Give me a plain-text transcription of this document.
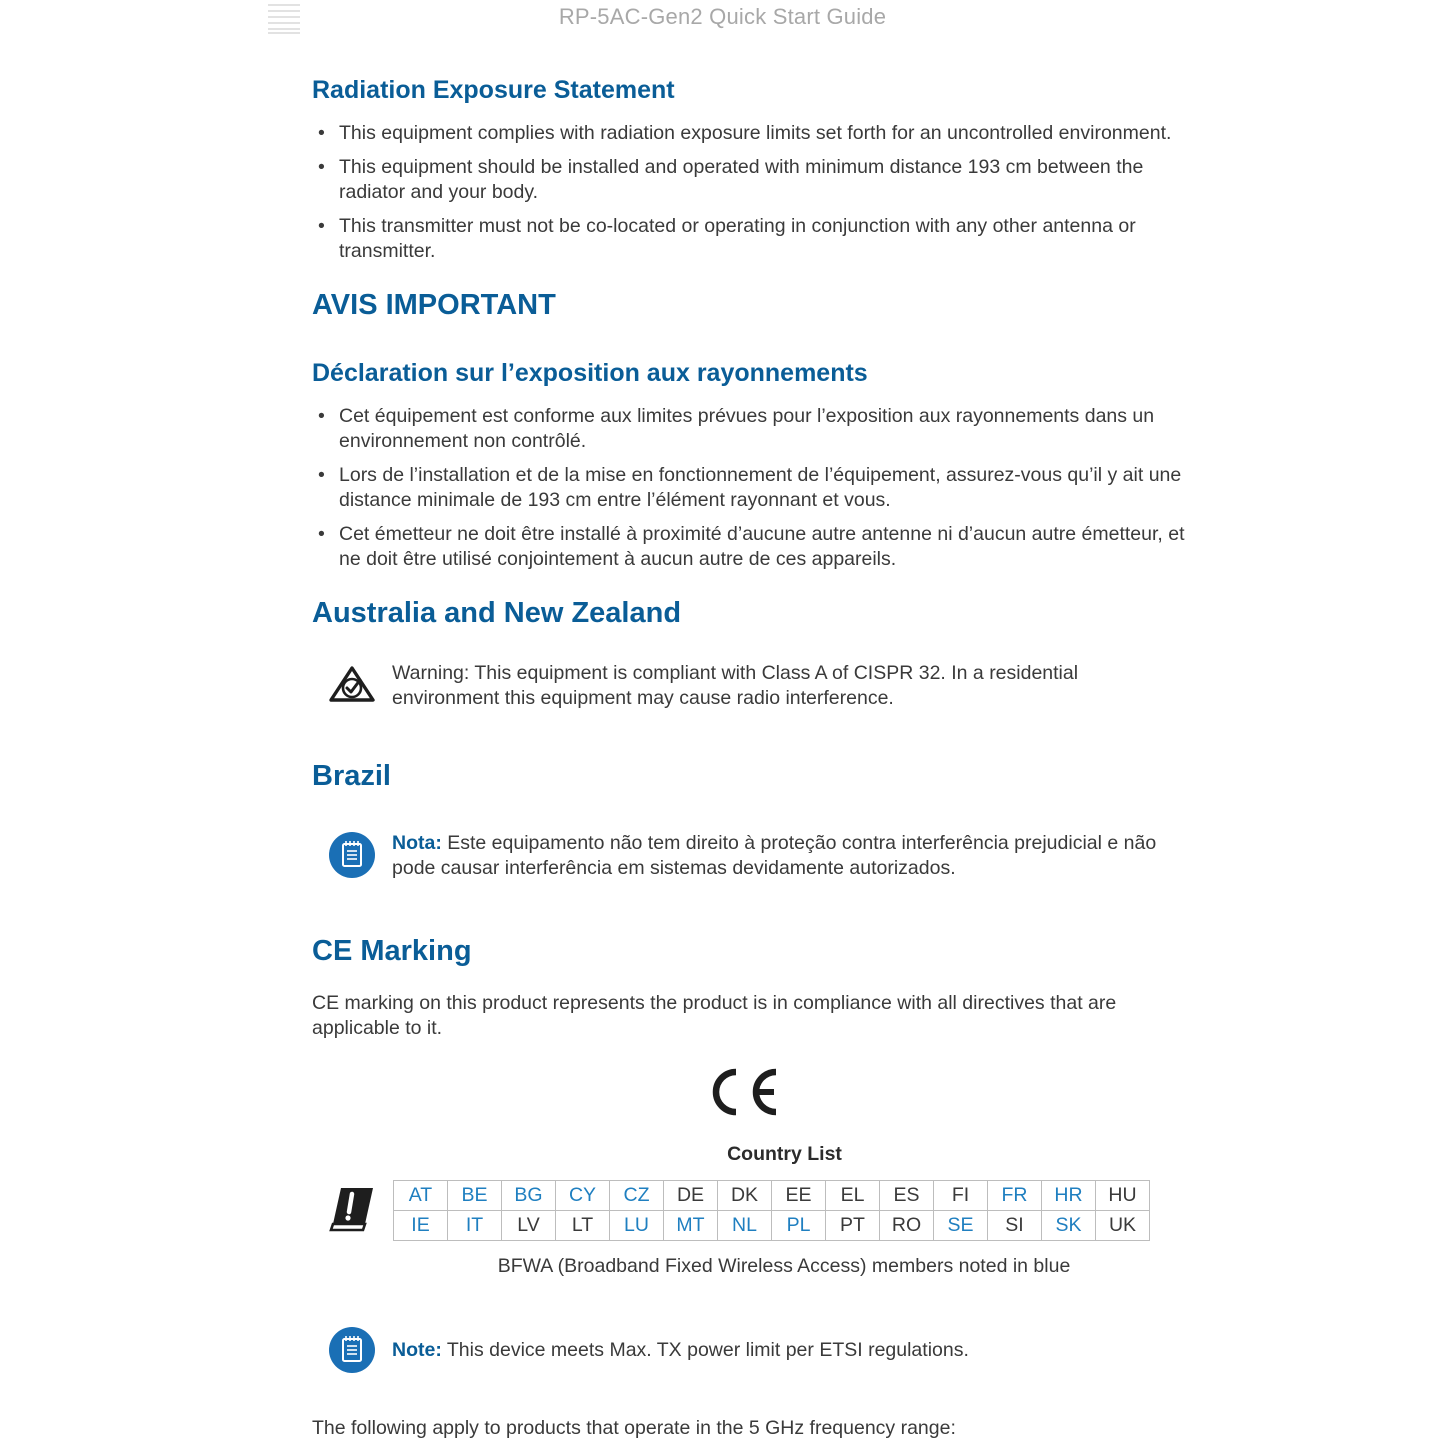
RP-5AC-Gen2 Quick Start Guide
Radiation Exposure Statement
• This equipment complies with radiation exposure limits set forth for an uncontrolled environment.
• This equipment should be installed and operated with minimum distance 193 cm between the radiator and your body.
• This transmitter must not be co-located or operating in conjunction with any other antenna or transmitter.
AVIS IMPORTANT
Déclaration sur l’exposition aux rayonnements
• Cet équipement est conforme aux limites prévues pour l’exposition aux rayonnements dans un environnement non contrôlé.
• Lors de l’installation et de la mise en fonctionnement de l’équipement, assurez-vous qu’il y ait une distance minimale de 193 cm entre l’élément rayonnant et vous.
• Cet émetteur ne doit être installé à proximité d’aucune autre antenne ni d’aucun autre émetteur, et ne doit être utilisé conjointement à aucun autre de ces appareils.
Australia and New Zealand

Warning: This equipment is compliant with Class A of CISPR 32. In a residential environment this equipment may cause radio interference.

Brazil

Nota: Este equipamento não tem direito à proteção contra interferência prejudicial e não pode causar interferência em sistemas devidamente autorizados.

CE Marking

CE marking on this product represents the product is in compliance with all directives that are applicable to it.

Country List
AT	BE	BG	CY	CZ	DE	DK	EE	EL	ES	FI	FR	HR	HU
IE	IT	LV	LT	LU	MT	NL	PL	PT	RO	SE	SI	SK	UK
BFWA (Broadband Fixed Wireless Access) members noted in blue

Note: This device meets Max. TX power limit per ETSI regulations.

The following apply to products that operate in the 5 GHz frequency range:
